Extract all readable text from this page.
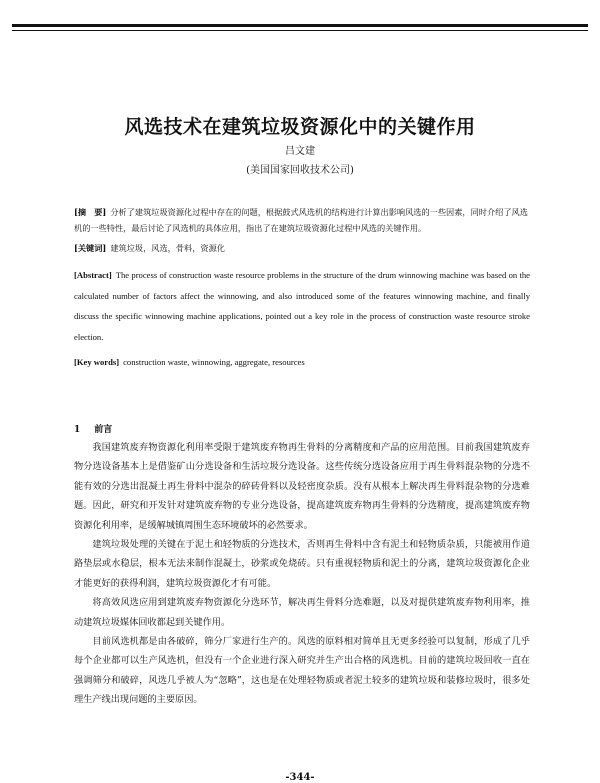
风选技术在建筑垃圾资源化中的关键作用
吕文建
(美国国家回收技术公司)
[摘　要] 分析了建筑垃圾资源化过程中存在的问题，根据鼓式风选机的结构进行计算出影响风选的一些因素，同时介绍了风选机的一些特性，最后讨论了风选机的具体应用，指出了在建筑垃圾资源化过程中风选的关键作用。
[关键词] 建筑垃圾，风选，骨料，资源化
[Abstract] The process of construction waste resource problems in the structure of the drum winnowing machine was based on the calculated number of factors affect the winnowing, and also introduced some of the features winnowing machine, and finally discuss the specific winnowing machine applications, pointed out a key role in the process of construction waste resource stroke election.
[Key words] construction waste, winnowing, aggregate, resources
1 前言

我国建筑废弃物资源化利用率受限于建筑废弃物再生骨料的分离精度和产品的应用范围。目前我国建筑废弃物分选设备基本上是借鉴矿山分选设备和生活垃圾分选设备。这些传统分选设备应用于再生骨料混杂物的分选不能有效的分选出混凝土再生骨料中混杂的碎砖骨料以及轻密度杂质。没有从根本上解决再生骨料混杂物的分选难题。因此，研究和开发针对建筑废弃物的专业分选设备，提高建筑废弃物再生骨料的分选精度，提高建筑废弃物资源化利用率，是缓解城镇周围生态环境破坏的必然要求。

建筑垃圾处理的关键在于泥土和轻物质的分选技术，否则再生骨料中含有泥土和轻物质杂质，只能被用作道路垫层或水稳层，根本无法来制作混凝土，砂浆或免烧砖。只有重视轻物质和泥土的分离，建筑垃圾资源化企业才能更好的获得利润，建筑垃圾资源化才有可能。

将高效风选应用到建筑废弃物资源化分选环节，解决再生骨料分选难题，以及对提供建筑废弃物利用率，推动建筑垃圾媒体回收都起到关键作用。

目前风选机都是由各破碎，筛分厂家进行生产的。风选的原料相对简单且无更多经验可以复制，形成了几乎每个企业都可以生产风选机，但没有一个企业进行深入研究并生产出合格的风选机。目前的建筑垃圾回收一直在强调筛分和破碎，风选几乎被人为“忽略”，这也是在处理轻物质或者泥土较多的建筑垃圾和装修垃圾时，很多处理生产线出现问题的主要原因。

-344-
